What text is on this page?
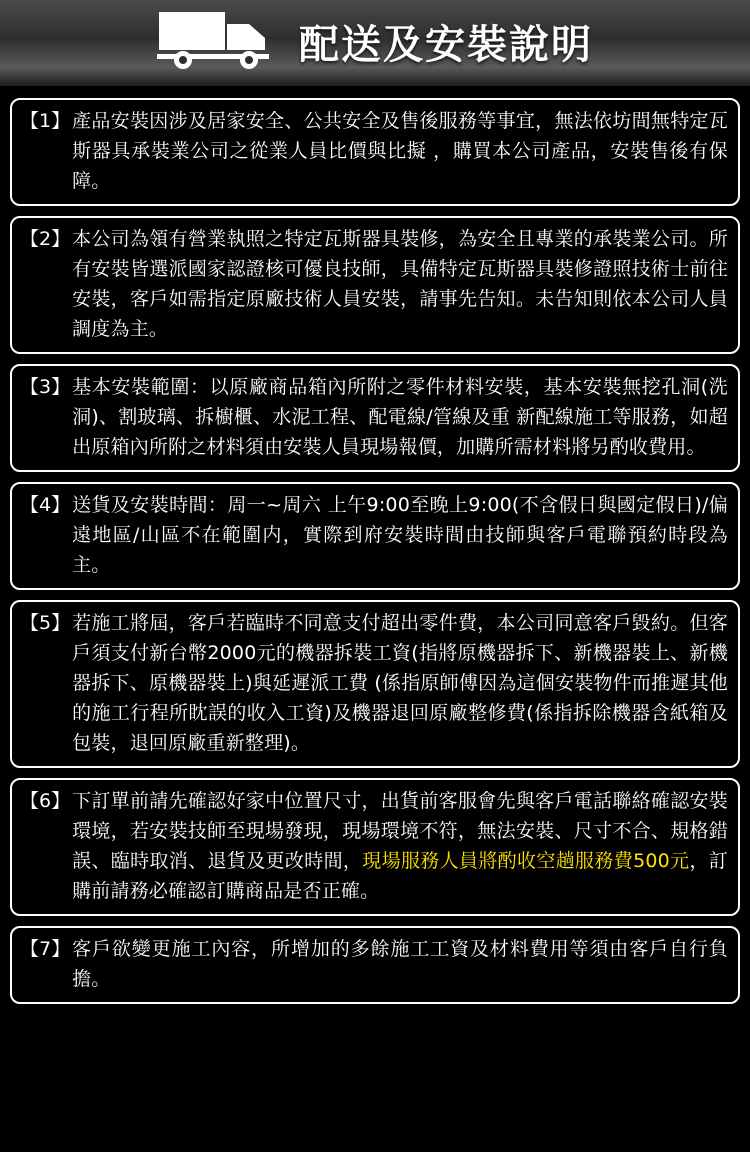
配送及安裝說明
【1】 產品安裝因涉及居家安全、公共安全及售後服務等事宜，無法依坊間無特定瓦斯器具承裝業公司之從業人員比價與比擬 ，購買本公司產品，安裝售後有保障。
【2】 本公司為領有營業執照之特定瓦斯器具裝修，為安全且專業的承裝業公司。所有安裝皆選派國家認證核可優良技師，具備特定瓦斯器具裝修證照技術士前往安裝，客戶如需指定原廠技術人員安裝，請事先告知。未告知則依本公司人員調度為主。
【3】 基本安裝範圍：以原廠商品箱內所附之零件材料安裝，基本安裝無挖孔洞(洗洞)、割玻璃、拆櫥櫃、水泥工程、配電線/管線及重 新配線施工等服務，如超出原箱內所附之材料須由安裝人員現場報價，加購所需材料將另酌收費用。
【4】 送貨及安裝時間：周一~周六 上午9:00至晚上9:00(不含假日與國定假日)/偏遠地區/山區不在範圍内，實際到府安裝時間由技師與客戶電聯預約時段為主。
【5】 若施工將屆，客戶若臨時不同意支付超出零件費，本公司同意客戶毀約。但客戶須支付新台幣2000元的機器拆裝工資(指將原機器拆下、新機器裝上、新機器拆下、原機器裝上)與延遲派工費 (係指原師傅因為這個安裝物件而推遲其他的施工行程所眈誤的收入工資)及機器退回原廠整修費(係指拆除機器含紙箱及包裝，退回原廠重新整理)。
【6】 下訂單前請先確認好家中位置尺寸，出貨前客服會先與客戶電話聯絡確認安裝環境，若安裝技師至現場發現，現場環境不符，無法安裝、尺寸不合、規格錯誤、臨時取消、退貨及更改時間，現場服務人員將酌收空趟服務費500元，訂購前請務必確認訂購商品是否正確。
【7】 客戶欲變更施工內容，所增加的多餘施工工資及材料費用等須由客戶自行負擔。
